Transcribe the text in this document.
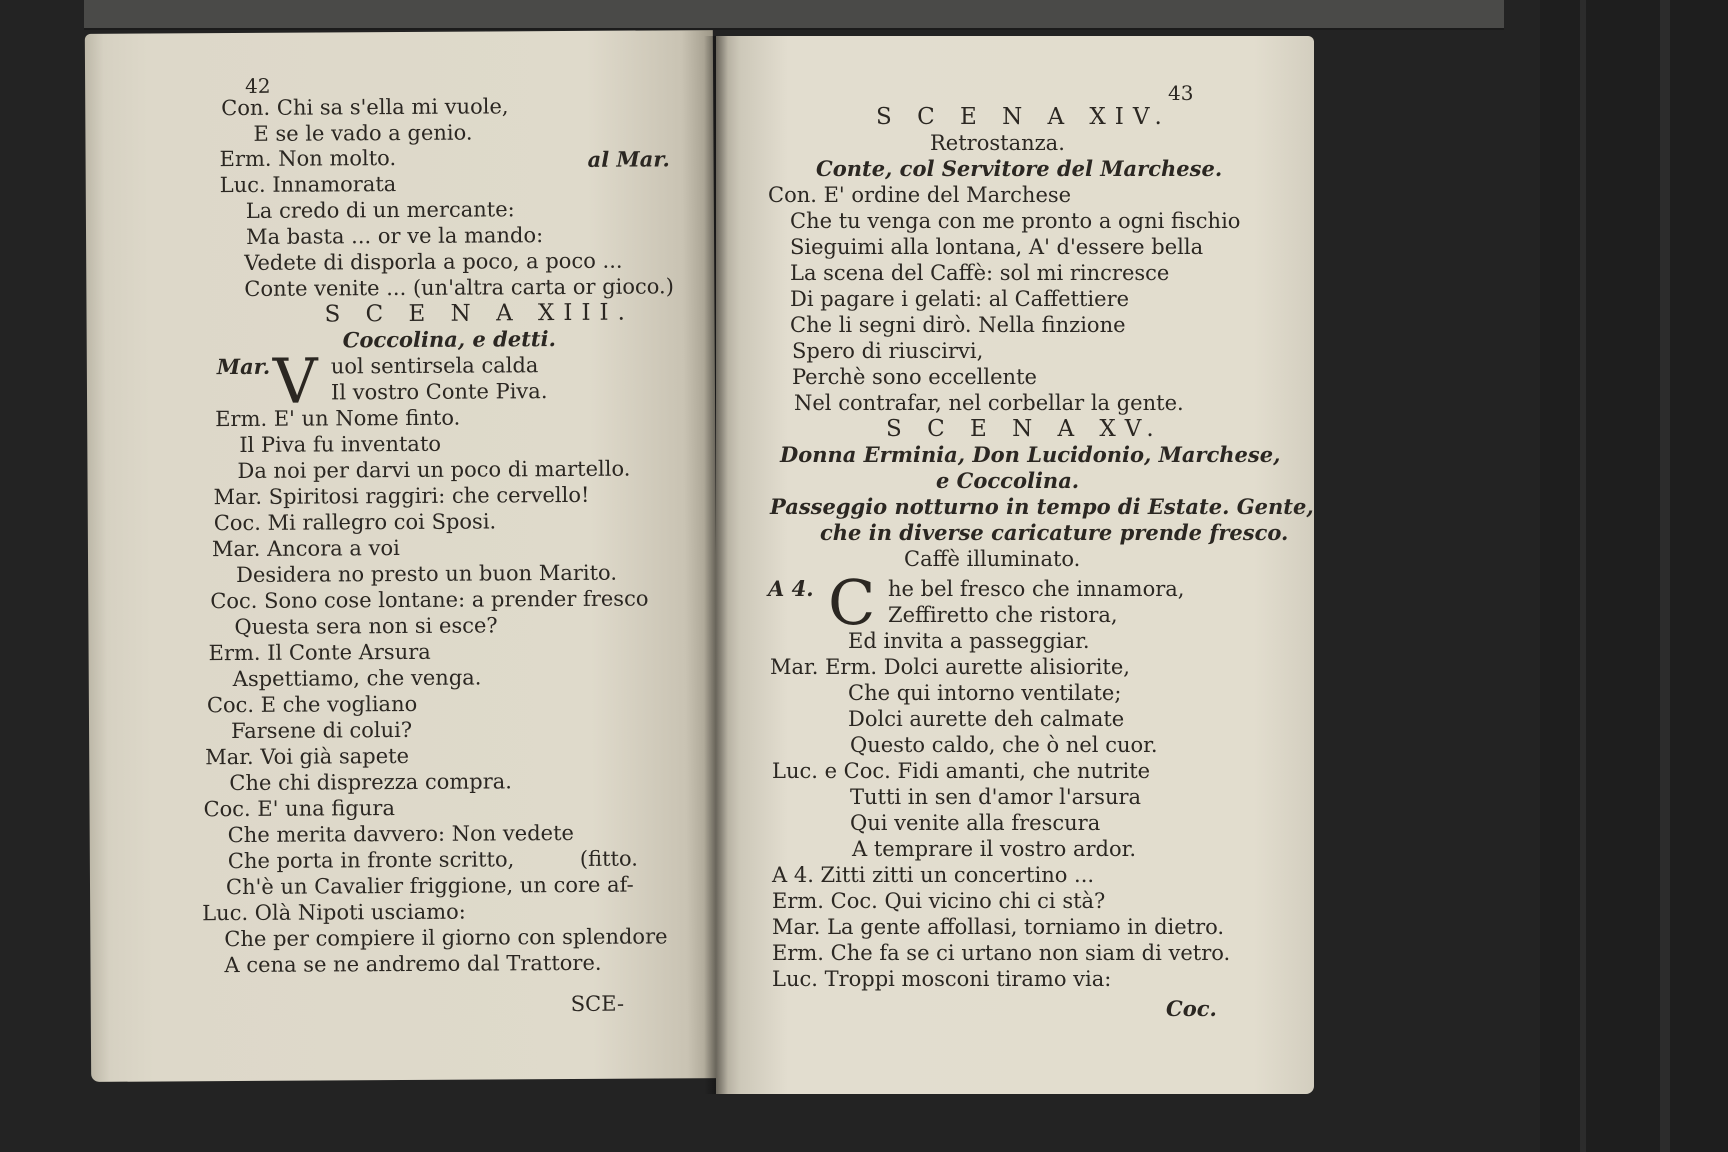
42
Con. Chi sa s'ella mi vuole,
E se le vado a genio.
Erm. Non molto.	al Mar.
Luc. Innamorata
La credo di un mercante:
Ma basta ... or ve la mando:
Vedete di disporla a poco, a poco ...
Conte venite ... (un'altra carta or gioco.)
S C E N A XIII.
Coccolina, e detti.
Mar. V uol sentirsela calda
Il vostro Conte Piva.
Erm. E' un Nome finto.
Il Piva fu inventato
Da noi per darvi un poco di martello.
Mar. Spiritosi raggiri: che cervello!
Coc. Mi rallegro coi Sposi.
Mar. Ancora a voi
Desidera no presto un buon Marito.
Coc. Sono cose lontane: a prender fresco
Questa sera non si esce?
Erm. Il Conte Arsura
Aspettiamo, che venga.
Coc. E che vogliano
Farsene di colui?
Mar. Voi già sapete
Che chi disprezza compra.
Coc. E' una figura
Che merita davvero: Non vedete
Che porta in fronte scritto,	(fitto.
Ch'è un Cavalier friggione, un core af-
Luc. Olà Nipoti usciamo:
Che per compiere il giorno con splendore
A cena se ne andremo dal Trattore.
SCE-
43
S C E N A XIV.
Retrostanza.
Conte, col Servitore del Marchese.
Con. E' ordine del Marchese
Che tu venga con me pronto a ogni fischio
Sieguimi alla lontana, A' d'essere bella
La scena del Caffè: sol mi rincresce
Di pagare i gelati: al Caffettiere
Che li segni dirò. Nella finzione
Spero di riuscirvi,
Perchè sono eccellente
Nel contrafar, nel corbellar la gente.
S C E N A XV.
Donna Erminia, Don Lucidonio, Marchese,
e Coccolina.
Passeggio notturno in tempo di Estate. Gente,
che in diverse caricature prende fresco.
Caffè illuminato.
A 4. C he bel fresco che innamora,
Zeffiretto che ristora,
Ed invita a passeggiar.
Mar. Erm. Dolci aurette alisiorite,
Che qui intorno ventilate;
Dolci aurette deh calmate
Questo caldo, che ò nel cuor.
Luc. e Coc. Fidi amanti, che nutrite
Tutti in sen d'amor l'arsura
Qui venite alla frescura
A temprare il vostro ardor.
A 4. Zitti zitti un concertino ...
Erm. Coc. Qui vicino chi ci stà?
Mar. La gente affollasi, torniamo in dietro.
Erm. Che fa se ci urtano non siam di vetro.
Luc. Troppi mosconi tiramo via:
Coc.
